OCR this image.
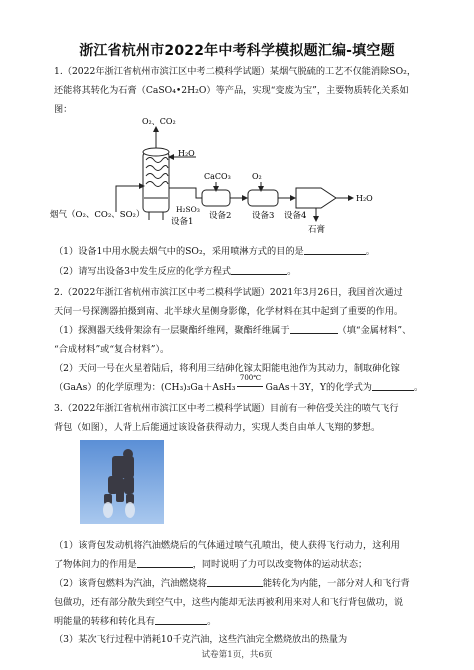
浙江省杭州市2022年中考科学模拟题汇编-填空题
1.（2022年浙江省杭州市滨江区中考二模科学试题）某烟气脱硫的工艺不仅能消除SO₂，
还能将其转化为石膏（CaSO₄•2H₂O）等产品，实现“变废为宝”，主要物质转化关系如
图：
O₂、CO₂
H₂O
CaCO₃	O₂
H₂O
石膏
H₂SO₃
设备1
设备2 设备3 设备4
烟气（O₂、CO₂、SO₂）
（1）设备1中用水脱去烟气中的SO₂，采用喷淋方式的目的是	。
（2）请写出设备3中发生反应的化学方程式	。
2.（2022年浙江省杭州市滨江区中考二模科学试题）2021年3月26日，我国首次通过
天问一号探测器拍摄到南、北半球火星侧身影像，化学材料在其中起到了重要的作用。
（1）探测器天线骨架涂有一层聚酯纤维网，聚酯纤维属于	（填“金属材料”、
“合成材料”或“复合材料”）。
（2）天问一号在火星着陆后，将利用三结砷化镓太阳能电池作为其动力，制取砷化镓
（GaAs）的化学原理为：(CH₃)₃Ga＋AsH₃
700℃
GaAs＋3Y，Y的化学式为	。
3.（2022年浙江省杭州市滨江区中考二模科学试题）目前有一种倍受关注的喷气飞行
背包（如图），人背上后能通过该设备获得动力，实现人类自由单人飞翔的梦想。
（1）该背包发动机将汽油燃烧后的气体通过喷气孔喷出，使人获得飞行动力，这利用
了物体间力的作用是	，同时说明了力可以改变物体的运动状态；
（2）该背包燃料为汽油，汽油燃烧将	能转化为内能，一部分对人和飞行背
包做功，还有部分散失到空气中，这些内能却无法再被利用来对人和飞行背包做功，说
明能量的转移和转化具有	。
（3）某次飞行过程中消耗10千克汽油，这些汽油完全燃烧放出的热量为
试卷第1页，共6页
